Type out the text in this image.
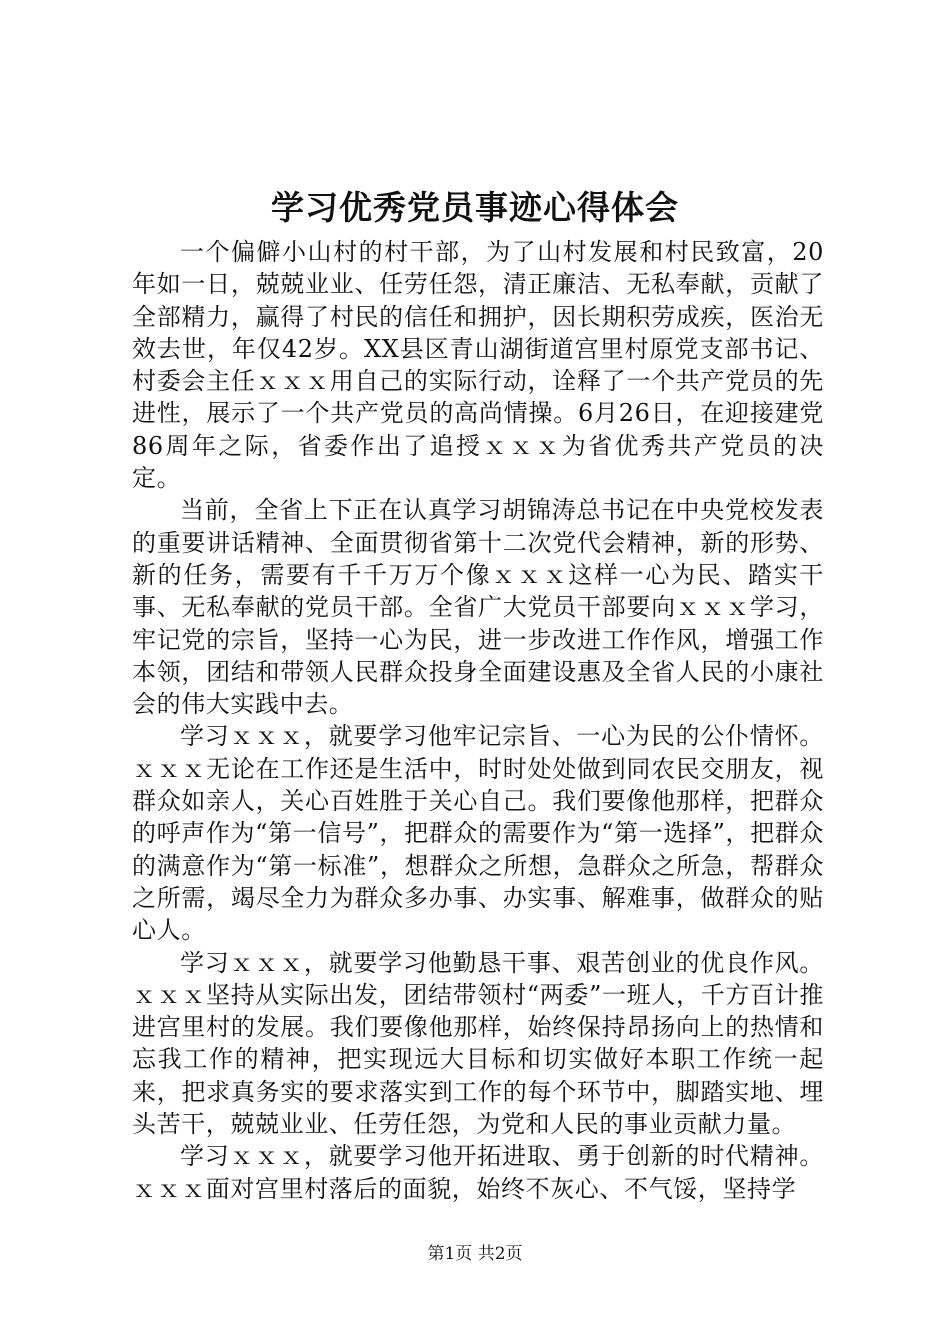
学习优秀党员事迹心得体会

一个偏僻小山村的村干部，为了山村发展和村民致富，20年如一日，兢兢业业、任劳任怨，清正廉洁、无私奉献，贡献了全部精力，赢得了村民的信任和拥护，因长期积劳成疾，医治无效去世，年仅42岁。XX县区青山湖街道宫里村原党支部书记、村委会主任ｘｘｘ用自己的实际行动，诠释了一个共产党员的先进性，展示了一个共产党员的高尚情操。6月26日，在迎接建党86周年之际，省委作出了追授ｘｘｘ为省优秀共产党员的决定。

当前，全省上下正在认真学习胡锦涛总书记在中央党校发表的重要讲话精神、全面贯彻省第十二次党代会精神，新的形势、新的任务，需要有千千万万个像ｘｘｘ这样一心为民、踏实干事、无私奉献的党员干部。全省广大党员干部要向ｘｘｘ学习，牢记党的宗旨，坚持一心为民，进一步改进工作作风，增强工作本领，团结和带领人民群众投身全面建设惠及全省人民的小康社会的伟大实践中去。

学习ｘｘｘ，就要学习他牢记宗旨、一心为民的公仆情怀。ｘｘｘ无论在工作还是生活中，时时处处做到同农民交朋友，视群众如亲人，关心百姓胜于关心自己。我们要像他那样，把群众的呼声作为“第一信号”，把群众的需要作为“第一选择”，把群众的满意作为“第一标准”，想群众之所想，急群众之所急，帮群众之所需，竭尽全力为群众多办事、办实事、解难事，做群众的贴心人。

学习ｘｘｘ，就要学习他勤恳干事、艰苦创业的优良作风。ｘｘｘ坚持从实际出发，团结带领村“两委”一班人，千方百计推进宫里村的发展。我们要像他那样，始终保持昂扬向上的热情和忘我工作的精神，把实现远大目标和切实做好本职工作统一起来，把求真务实的要求落实到工作的每个环节中，脚踏实地、埋头苦干，兢兢业业、任劳任怨，为党和人民的事业贡献力量。

学习ｘｘｘ，就要学习他开拓进取、勇于创新的时代精神。ｘｘｘ面对宫里村落后的面貌，始终不灰心、不气馁，坚持学

第1页 共2页
